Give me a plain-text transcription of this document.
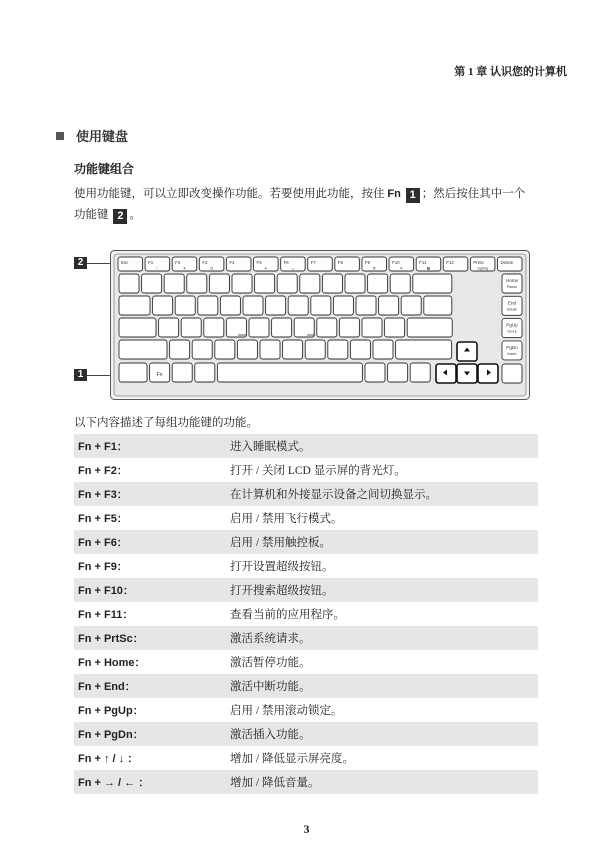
第 1 章 认识您的计算机
使用键盘
功能键组合
使用功能键，可以立即改变操作功能。若要使用此功能，按住 Fn 1 ；然后按住其中一个
功能键 2 。
2
1
Esc	F1
☾
F2
✈
F3
⊟
F4	F5
✈
F6
▭
F7	F8	F9
⚙
F10
⚲
F11
▦
F12	PrtSc
SysRq
Delete
Fn
Home
Pause
End
Break
PgUp
ScrLk
PgDn
Insert
以下内容描述了每组功能键的功能。
Fn + F1：	进入睡眠模式。
Fn + F2：	打开 / 关闭 LCD 显示屏的背光灯。
Fn + F3：	在计算机和外接显示设备之间切换显示。
Fn + F5：	启用 / 禁用飞行模式。
Fn + F6：	启用 / 禁用触控板。
Fn + F9：	打开设置超级按钮。
Fn + F10：	打开搜索超级按钮。
Fn + F11：	查看当前的应用程序。
Fn + PrtSc：	激活系统请求。
Fn + Home：	激活暂停功能。
Fn + End：	激活中断功能。
Fn + PgUp：	启用 / 禁用滚动锁定。
Fn + PgDn：	激活插入功能。
Fn + ↑ / ↓ ：	增加 / 降低显示屏亮度。
Fn + → / ← ：	增加 / 降低音量。
3
